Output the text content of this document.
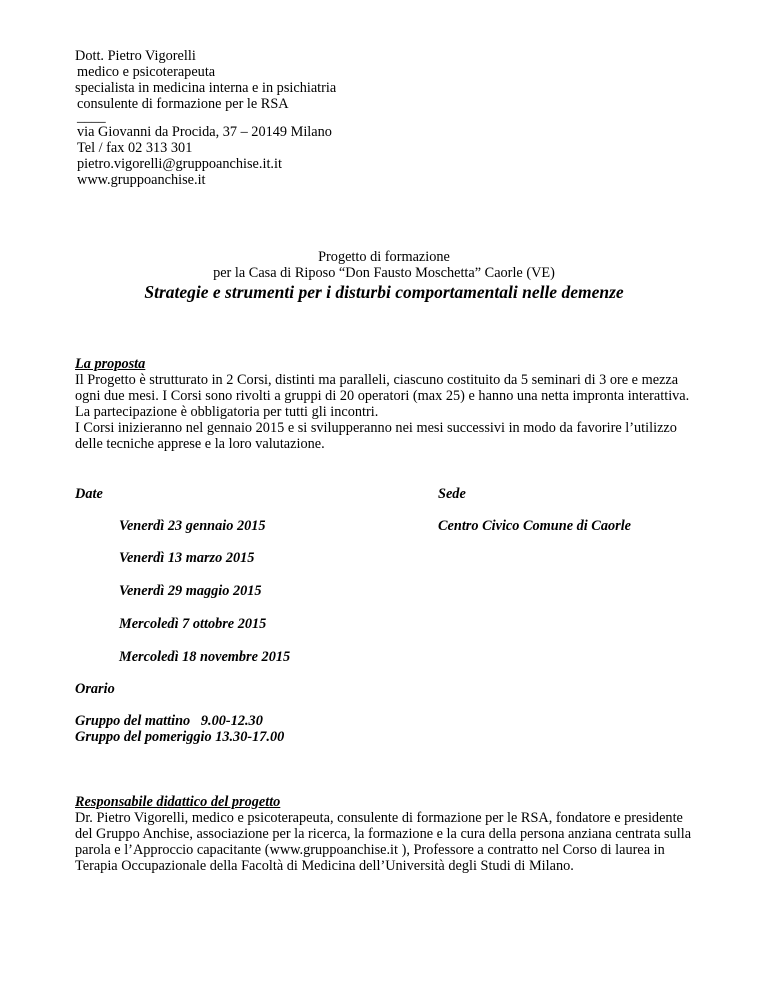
Dott. Pietro Vigorelli
medico e psicoterapeuta
specialista in medicina interna e in psichiatria
consulente di formazione per le RSA
____
via Giovanni da Procida, 37 – 20149 Milano
Tel / fax 02 313 301
pietro.vigorelli@gruppoanchise.it.it
www.gruppoanchise.it
Progetto di formazione
per la Casa di Riposo “Don Fausto Moschetta” Caorle (VE)
Strategie e strumenti per i disturbi comportamentali nelle demenze
La proposta
Il Progetto è strutturato in 2 Corsi, distinti ma paralleli, ciascuno costituito da 5 seminari di 3 ore e mezza ogni due mesi. I Corsi sono rivolti a gruppi di 20 operatori (max 25) e hanno una netta impronta interattiva. La partecipazione è obbligatoria per tutti gli incontri.
I Corsi inizieranno nel gennaio 2015 e si svilupperanno nei mesi successivi in modo da favorire l’utilizzo delle tecniche apprese e la loro valutazione.
Date	Sede
Venerdì 23 gennaio 2015	Centro Civico Comune di Caorle
Venerdì 13 marzo 2015
Venerdì 29 maggio 2015
Mercoledì 7 ottobre 2015
Mercoledì 18 novembre 2015
Orario
Gruppo del mattino   9.00-12.30
Gruppo del pomeriggio 13.30-17.00
Responsabile didattico del progetto
Dr. Pietro Vigorelli, medico e psicoterapeuta, consulente di formazione per le RSA, fondatore e presidente del Gruppo Anchise, associazione per la ricerca, la formazione e la cura della persona anziana centrata sulla parola e l’Approccio capacitante (www.gruppoanchise.it ), Professore a contratto nel Corso di laurea in Terapia Occupazionale della Facoltà di Medicina dell’Università degli Studi di Milano.
